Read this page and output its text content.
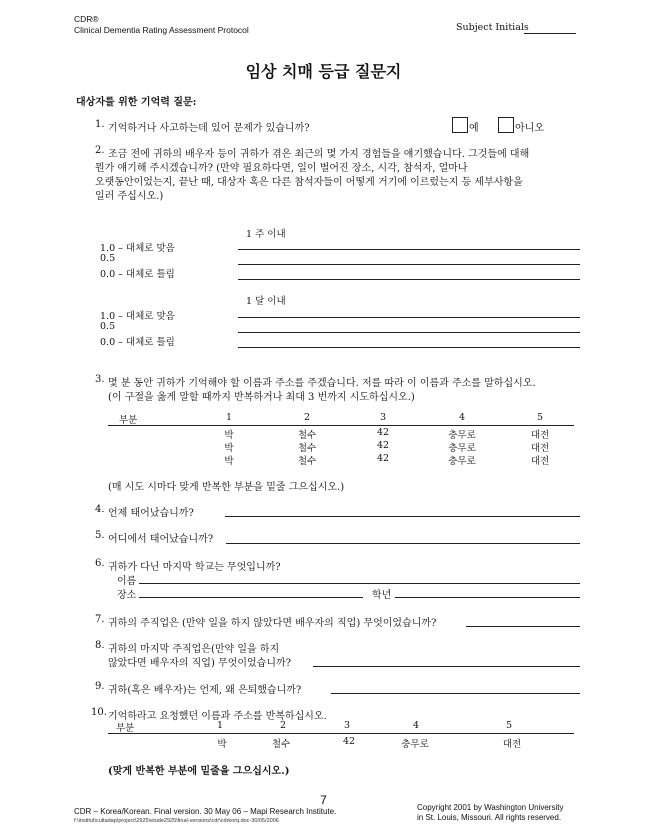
CDR®
Clinical Dementia Rating Assessment Protocol	Subject Initials
임상 치매 등급 질문지
대상자를 위한 기억력 질문:
1. 기억하거나 사고하는데 있어 문제가 있습니까?	예	아니오
2. 조금 전에 귀하의 배우자 등이 귀하가 겪은 최근의 몇 가지 경험들을 얘기했습니다. 그것들에 대해
뭔가 얘기해 주시겠습니까? (만약 필요하다면, 일이 벌어진 장소, 시각, 참석자, 얼마나
오랫동안이었는지, 끝난 때, 대상자 혹은 다른 참석자들이 어떻게 거기에 이르렀는지 등 세부사항을
일러 주십시오.)
1 주 이내
1.0 – 대체로 맞음
0.5
0.0 – 대체로 틀림
1 달 이내
1.0 – 대체로 맞음
0.5
0.0 – 대체로 틀림
3. 몇 분 동안 귀하가 기억해야 할 이름과 주소를 주겠습니다. 저를 따라 이 이름과 주소를 말하십시오.
(이 구절을 옳게 말할 때까지 반복하거나 최대 3 번까지 시도하십시오.)
부분	1	2	3	4	5
박	철수	42	충무로	대전
박	철수	42	충무로	대전
박	철수	42	충무로	대전
(매 시도 시마다 맞게 반복한 부분을 밑줄 그으십시오.)
4. 언제 태어났습니까?
5. 어디에서 태어났습니까?
6. 귀하가 다닌 마지막 학교는 무엇입니까?
이름
장소	학년
7. 귀하의 주직업은 (만약 일을 하지 않았다면 배우자의 직업) 무엇이었습니까?
8. 귀하의 마지막 주직업은(만약 일을 하지
않았다면 배우자의 직업) 무엇이었습니까?
9. 귀하(혹은 배우자)는 언제, 왜 은퇴했습니까?
10. 기억하라고 요청했던 이름과 주소를 반복하십시오.
부분	1	2	3	4	5
박	철수	42	충무로	대전
(맞게 반복한 부분에 밑줄을 그으십시오.)
7
CDR – Korea/Korean. Final version. 30 May 06 – Mapi Research Institute.
f:\institut\cultadap\project\2925\etude2925\final-versions\cdr\cdrkorq.doc-30/05/2006
Copyright 2001 by Washington University
in St. Louis, Missouri. All rights reserved.
